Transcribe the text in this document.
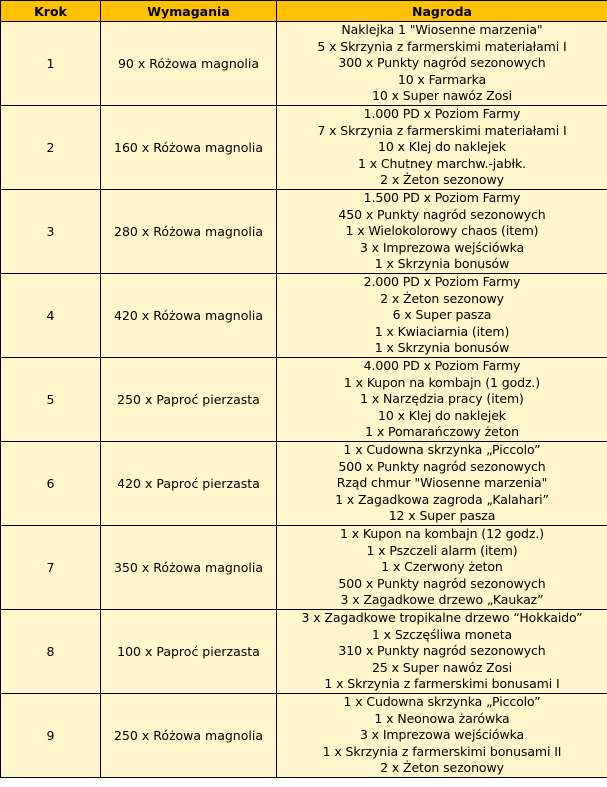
Krok	Wymagania	Nagroda
1	90 x Różowa magnolia	Naklejka 1 "Wiosenne marzenia"
5 x Skrzynia z farmerskimi materiałami I
300 x Punkty nagród sezonowych
10 x Farmarka
10 x Super nawóz Zosi

2	160 x Różowa magnolia	1.000 PD x Poziom Farmy
7 x Skrzynia z farmerskimi materiałami I
10 x Klej do naklejek
1 x Chutney marchw.-jabłk.
2 x Żeton sezonowy

3	280 x Różowa magnolia	1.500 PD x Poziom Farmy
450 x Punkty nagród sezonowych
1 x Wielokolorowy chaos (item)
3 x Imprezowa wejściówka
1 x Skrzynia bonusów

4	420 x Różowa magnolia	2.000 PD x Poziom Farmy
2 x Żeton sezonowy
6 x Super pasza
1 x Kwiaciarnia (item)
1 x Skrzynia bonusów

5	250 x Paproć pierzasta	4.000 PD x Poziom Farmy
1 x Kupon na kombajn (1 godz.)
1 x Narzędzia pracy (item)
10 x Klej do naklejek
1 x Pomarańczowy żeton

6	420 x Paproć pierzasta	1 x Cudowna skrzynka „Piccolo”
500 x Punkty nagród sezonowych
Rząd chmur "Wiosenne marzenia"
1 x Zagadkowa zagroda „Kalahari”
12 x Super pasza

7	350 x Różowa magnolia	1 x Kupon na kombajn (12 godz.)
1 x Pszczeli alarm (item)
1 x Czerwony żeton
500 x Punkty nagród sezonowych
3 x Zagadkowe drzewo „Kaukaz”

8	100 x Paproć pierzasta	3 x Zagadkowe tropikalne drzewo “Hokkaido”
1 x Szczęśliwa moneta
310 x Punkty nagród sezonowych
25 x Super nawóz Zosi
1 x Skrzynia z farmerskimi bonusami I

9	250 x Różowa magnolia	1 x Cudowna skrzynka „Piccolo”
1 x Neonowa żarówka
3 x Imprezowa wejściówka
1 x Skrzynia z farmerskimi bonusami II
2 x Żeton sezonowy
